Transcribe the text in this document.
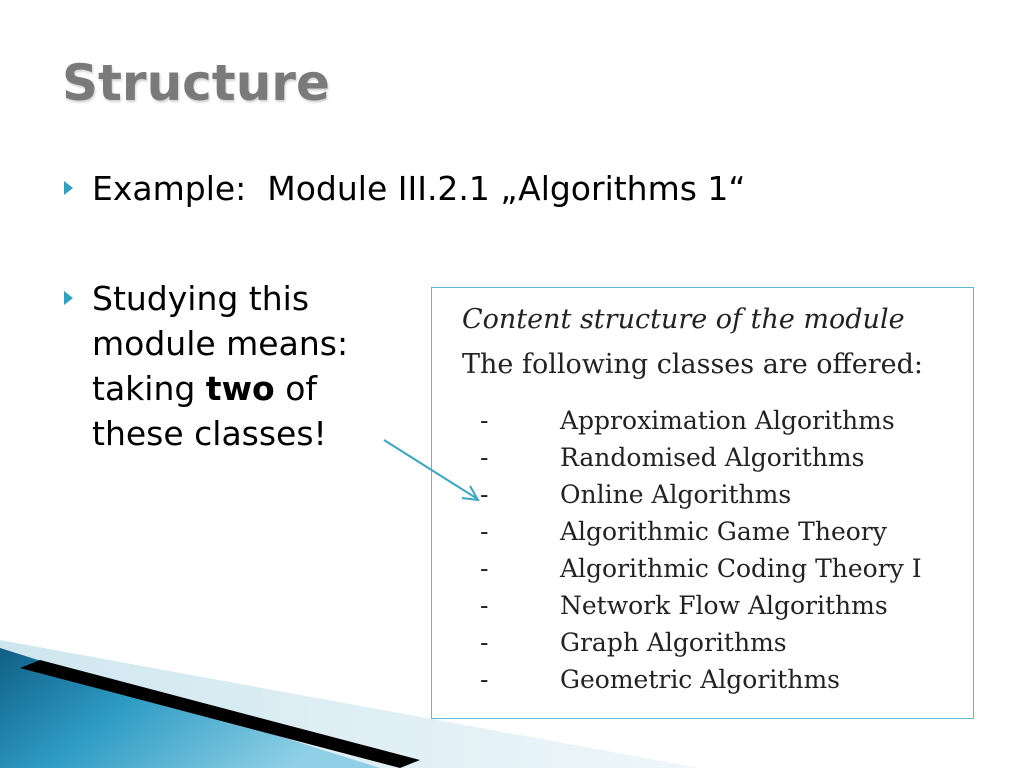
Structure
Example:  Module III.2.1 „Algorithms 1“
Studying this
module means:
taking two of
these classes!
Content structure of the module
The following classes are offered:
-	Approximation Algorithms
-	Randomised Algorithms
-	Online Algorithms
-	Algorithmic Game Theory
-	Algorithmic Coding Theory I
-	Network Flow Algorithms
-	Graph Algorithms
-	Geometric Algorithms
